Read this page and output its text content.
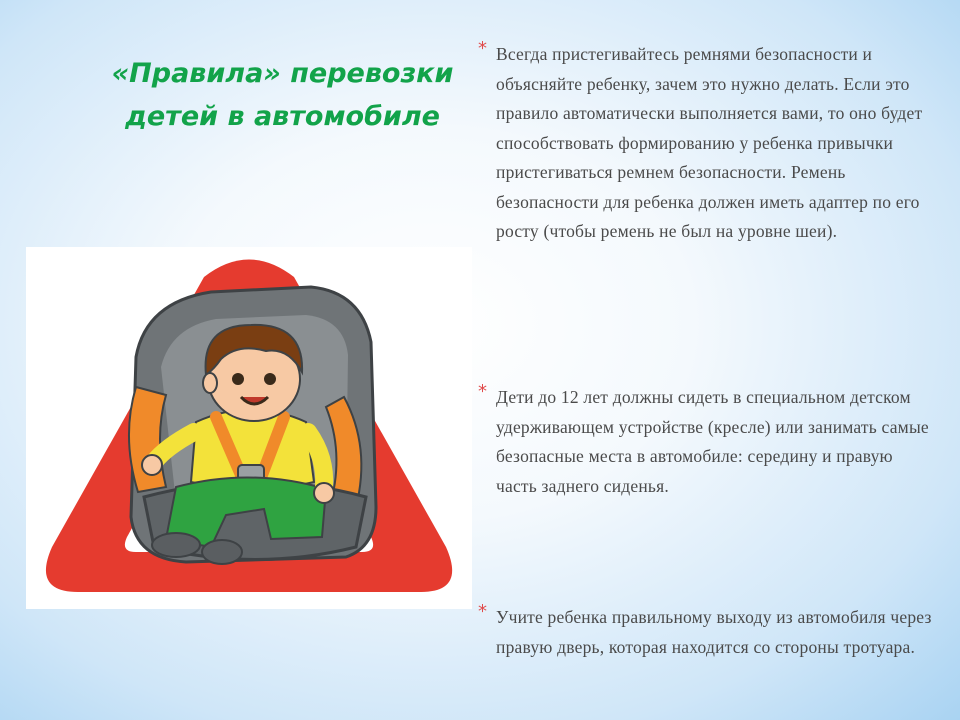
«Правила» перевозки детей в автомобиле
* Всегда пристегивайтесь ремнями безопасности и объясняйте ребенку, зачем это нужно делать. Если это правило автоматически выполняется вами, то оно будет способствовать формированию у ребенка привычки пристегиваться ремнем безопасности. Ремень безопасности для ребенка должен иметь адаптер по его росту (чтобы ремень не был на уровне шеи).
* Дети до 12 лет должны сидеть в специальном детском удерживающем устройстве (кресле) или занимать самые безопасные места в автомобиле: середину и правую часть заднего сиденья.
* Учите ребенка правильному выходу из автомобиля через правую дверь, которая находится со стороны тротуара.
